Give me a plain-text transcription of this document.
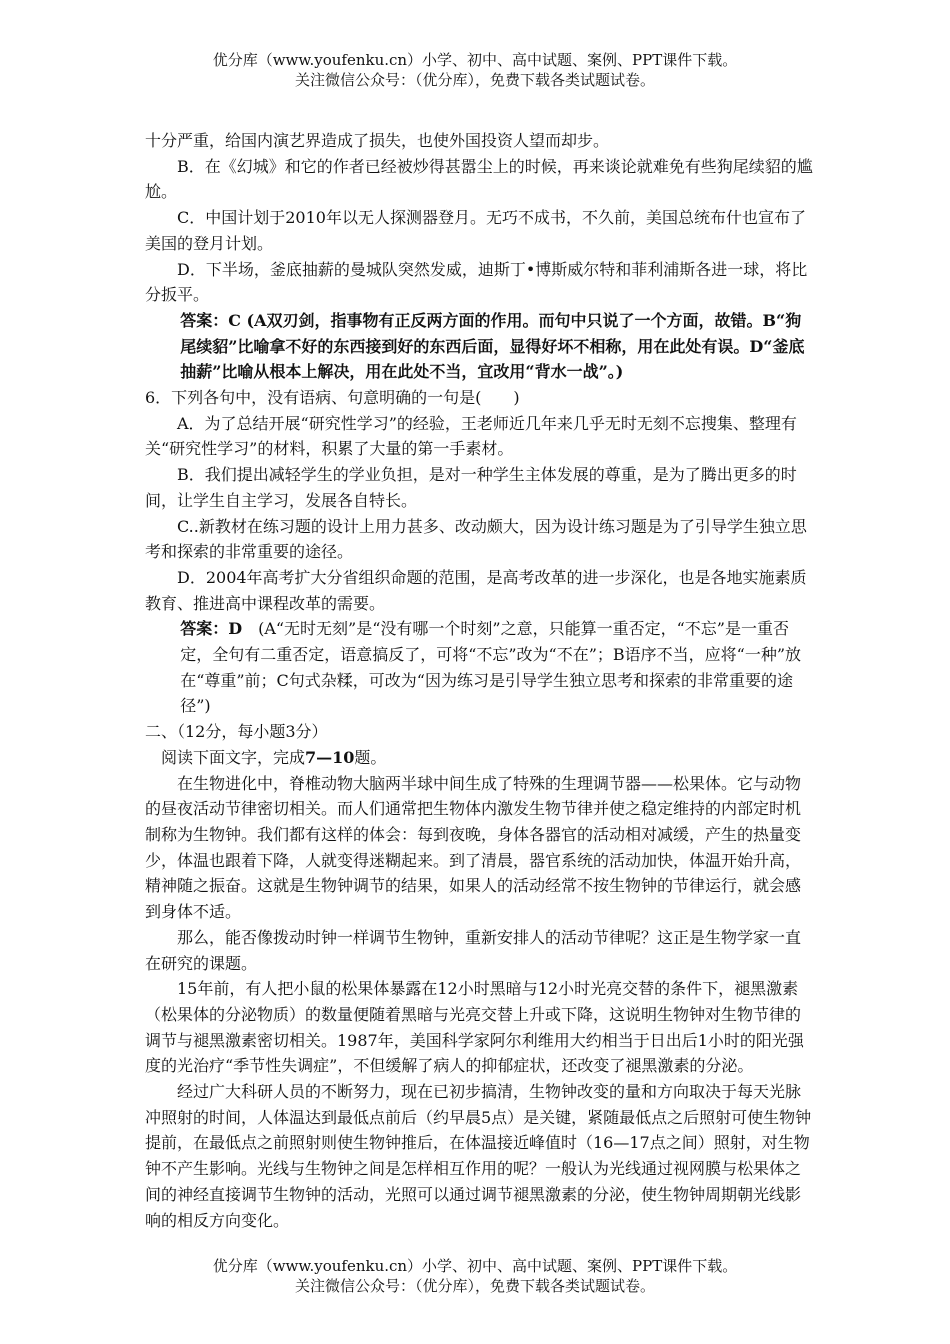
优分库（www.youfenku.cn）小学、初中、高中试题、案例、PPT课件下载。
关注微信公众号：（优分库），免费下载各类试题试卷。

十分严重，给国内演艺界造成了损失，也使外国投资人望而却步。

B．在《幻城》和它的作者已经被炒得甚嚣尘上的时候，再来谈论就难免有些狗尾续貂的尴尬。

C．中国计划于2010年以无人探测器登月。无巧不成书，不久前，美国总统布什也宣布了美国的登月计划。

D．下半场，釜底抽薪的曼城队突然发威，迪斯丁•博斯威尔特和菲利浦斯各进一球，将比分扳平。

答案：C (A双刃剑，指事物有正反两方面的作用。而句中只说了一个方面，故错。B“狗尾续貂”比喻拿不好的东西接到好的东西后面，显得好坏不相称，用在此处有误。D“釜底抽薪”比喻从根本上解决，用在此处不当，宜改用“背水一战”。)

6．下列各句中，没有语病、句意明确的一句是(　　)

A．为了总结开展“研究性学习”的经验，王老师近几年来几乎无时无刻不忘搜集、整理有关“研究性学习”的材料，积累了大量的第一手素材。

B．我们提出减轻学生的学业负担，是对一种学生主体发展的尊重，是为了腾出更多的时间，让学生自主学习，发展各自特长。

C..新教材在练习题的设计上用力甚多、改动颇大，因为设计练习题是为了引导学生独立思考和探索的非常重要的途径。

D．2004年高考扩大分省组织命题的范围，是高考改革的进一步深化，也是各地实施素质教育、推进高中课程改革的需要。

答案：D　(A“无时无刻”是“没有哪一个时刻”之意，只能算一重否定，“不忘”是一重否定，全句有二重否定，语意搞反了，可将“不忘”改为“不在”；B语序不当，应将“一种”放在“尊重”前；C句式杂糅，可改为“因为练习是引导学生独立思考和探索的非常重要的途径”)

二、（12分，每小题3分）

阅读下面文字，完成7—10题。

在生物进化中，脊椎动物大脑两半球中间生成了特殊的生理调节器——松果体。它与动物的昼夜活动节律密切相关。而人们通常把生物体内激发生物节律并使之稳定维持的内部定时机制称为生物钟。我们都有这样的体会：每到夜晚，身体各器官的活动相对减缓，产生的热量变少，体温也跟着下降，人就变得迷糊起来。到了清晨，器官系统的活动加快，体温开始升高，精神随之振奋。这就是生物钟调节的结果，如果人的活动经常不按生物钟的节律运行，就会感到身体不适。

那么，能否像拨动时钟一样调节生物钟，重新安排人的活动节律呢？这正是生物学家一直在研究的课题。

15年前，有人把小鼠的松果体暴露在12小时黑暗与12小时光亮交替的条件下，褪黑激素（松果体的分泌物质）的数量便随着黑暗与光亮交替上升或下降，这说明生物钟对生物节律的调节与褪黑激素密切相关。1987年，美国科学家阿尔利维用大约相当于日出后1小时的阳光强度的光治疗“季节性失调症”，不但缓解了病人的抑郁症状，还改变了褪黑激素的分泌。

经过广大科研人员的不断努力，现在已初步搞清，生物钟改变的量和方向取决于每天光脉冲照射的时间，人体温达到最低点前后（约早晨5点）是关键，紧随最低点之后照射可使生物钟提前，在最低点之前照射则使生物钟推后，在体温接近峰值时（16—17点之间）照射，对生物钟不产生影响。光线与生物钟之间是怎样相互作用的呢？一般认为光线通过视网膜与松果体之间的神经直接调节生物钟的活动，光照可以通过调节褪黑激素的分泌，使生物钟周期朝光线影响的相反方向变化。

优分库（www.youfenku.cn）小学、初中、高中试题、案例、PPT课件下载。
关注微信公众号：（优分库），免费下载各类试题试卷。
